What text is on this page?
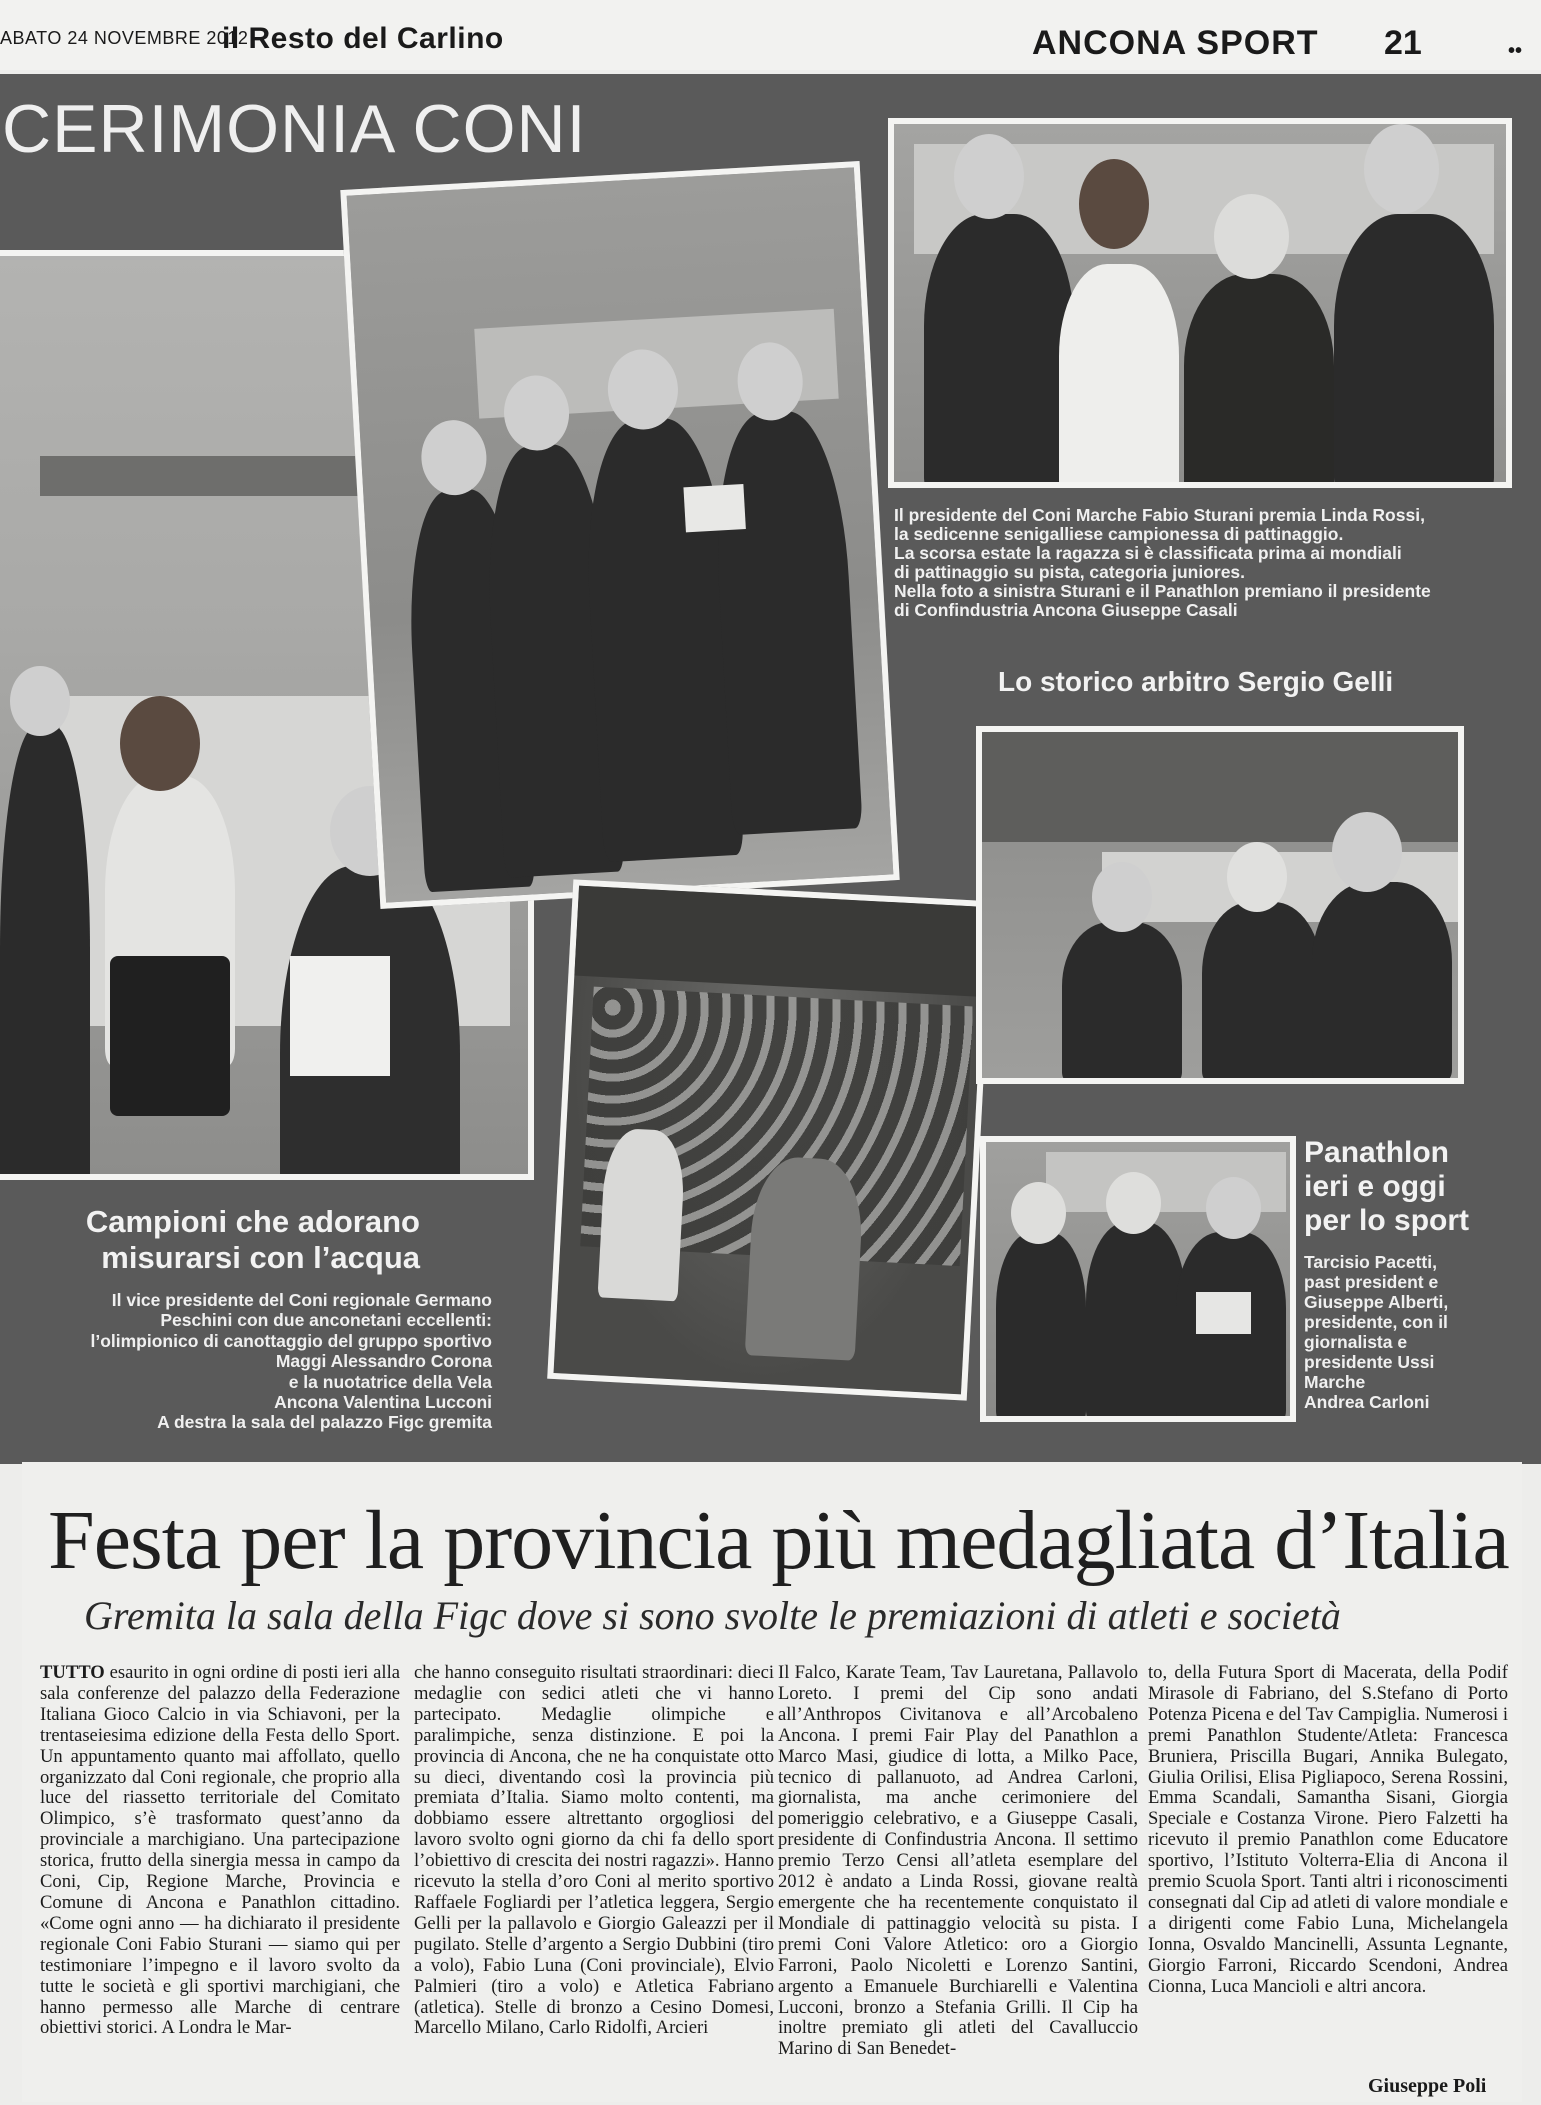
ABATO 24 NOVEMBRE 2012
il Resto del Carlino	ANCONA SPORT 21	••
CERIMONIA CONI
Il presidente del Coni Marche Fabio Sturani premia Linda Rossi,
la sedicenne senigalliese campionessa di pattinaggio.
La scorsa estate la ragazza si è classificata prima ai mondiali
di pattinaggio su pista, categoria juniores.
Nella foto a sinistra Sturani e il Panathlon premiano il presidente
di Confindustria Ancona Giuseppe Casali
Lo storico arbitro Sergio Gelli
Panathlon
ieri e oggi
per lo sport
Tarcisio Pacetti,
past president e
Giuseppe Alberti,
presidente, con il
giornalista e
presidente Ussi
Marche
Andrea Carloni
Campioni che adorano
misurarsi con l’acqua
Il vice presidente del Coni regionale Germano
Peschini con due anconetani eccellenti:
l’olimpionico di canottaggio del gruppo sportivo
Maggi Alessandro Corona
e la nuotatrice della Vela
Ancona Valentina Lucconi
A destra la sala del palazzo Figc gremita
Festa per la provincia più medagliata d’Italia
Gremita la sala della Figc dove si sono svolte le premiazioni di atleti e società
TUTTO esaurito in ogni ordine di posti ieri alla sala conferenze del palazzo della Federazione Italiana Gioco Calcio in via Schiavoni, per la trentaseiesima edizione della Festa dello Sport. Un appuntamento quanto mai affollato, quello organizzato dal Coni regionale, che proprio alla luce del riassetto territoriale del Comitato Olimpico, s’è trasformato quest’anno da provinciale a marchigiano. Una partecipazione storica, frutto della sinergia messa in campo da Coni, Cip, Regione Marche, Provincia e Comune di Ancona e Panathlon cittadino. «Come ogni anno — ha dichiarato il presidente regionale Coni Fabio Sturani — siamo qui per testimoniare l’impegno e il lavoro svolto da tutte le società e gli sportivi marchigiani, che hanno permesso alle Marche di centrare obiettivi storici. A Londra le Mar-
che hanno conseguito risultati straordinari: dieci medaglie con sedici atleti che vi hanno partecipato. Medaglie olimpiche e paralimpiche, senza distinzione. E poi la provincia di Ancona, che ne ha conquistate otto su dieci, diventando così la provincia più premiata d’Italia. Siamo molto contenti, ma dobbiamo essere altrettanto orgogliosi del lavoro svolto ogni giorno da chi fa dello sport l’obiettivo di crescita dei nostri ragazzi». Hanno ricevuto la stella d’oro Coni al merito sportivo Raffaele Fogliardi per l’atletica leggera, Sergio Gelli per la pallavolo e Giorgio Galeazzi per il pugilato. Stelle d’argento a Sergio Dubbini (tiro a volo), Fabio Luna (Coni provinciale), Elvio Palmieri (tiro a volo) e Atletica Fabriano (atletica). Stelle di bronzo a Cesino Domesi, Marcello Milano, Carlo Ridolfi, Arcieri
Il Falco, Karate Team, Tav Lauretana, Pallavolo Loreto. I premi del Cip sono andati all’Anthropos Civitanova e all’Arcobaleno Ancona. I premi Fair Play del Panathlon a Marco Masi, giudice di lotta, a Milko Pace, tecnico di pallanuoto, ad Andrea Carloni, giornalista, ma anche cerimoniere del pomeriggio celebrativo, e a Giuseppe Casali, presidente di Confindustria Ancona. Il settimo premio Terzo Censi all’atleta esemplare del 2012 è andato a Linda Rossi, giovane realtà emergente che ha recentemente conquistato il Mondiale di pattinaggio velocità su pista. I premi Coni Valore Atletico: oro a Giorgio Farroni, Paolo Nicoletti e Lorenzo Santini, argento a Emanuele Burchiarelli e Valentina Lucconi, bronzo a Stefania Grilli. Il Cip ha inoltre premiato gli atleti del Cavalluccio Marino di San Benedet-
to, della Futura Sport di Macerata, della Podif Mirasole di Fabriano, del S.Stefano di Porto Potenza Picena e del Tav Campiglia. Numerosi i premi Panathlon Studente/Atleta: Francesca Bruniera, Priscilla Bugari, Annika Bulegato, Giulia Orilisi, Elisa Pigliapoco, Serena Rossini, Emma Scandali, Samantha Sisani, Giorgia Speciale e Costanza Virone. Piero Falzetti ha ricevuto il premio Panathlon come Educatore sportivo, l’Istituto Volterra-Elia di Ancona il premio Scuola Sport. Tanti altri i riconoscimenti consegnati dal Cip ad atleti di valore mondiale e a dirigenti come Fabio Luna, Michelangela Ionna, Osvaldo Mancinelli, Assunta Legnante, Giorgio Farroni, Riccardo Scendoni, Andrea Cionna, Luca Mancioli e altri ancora.
Giuseppe Poli
